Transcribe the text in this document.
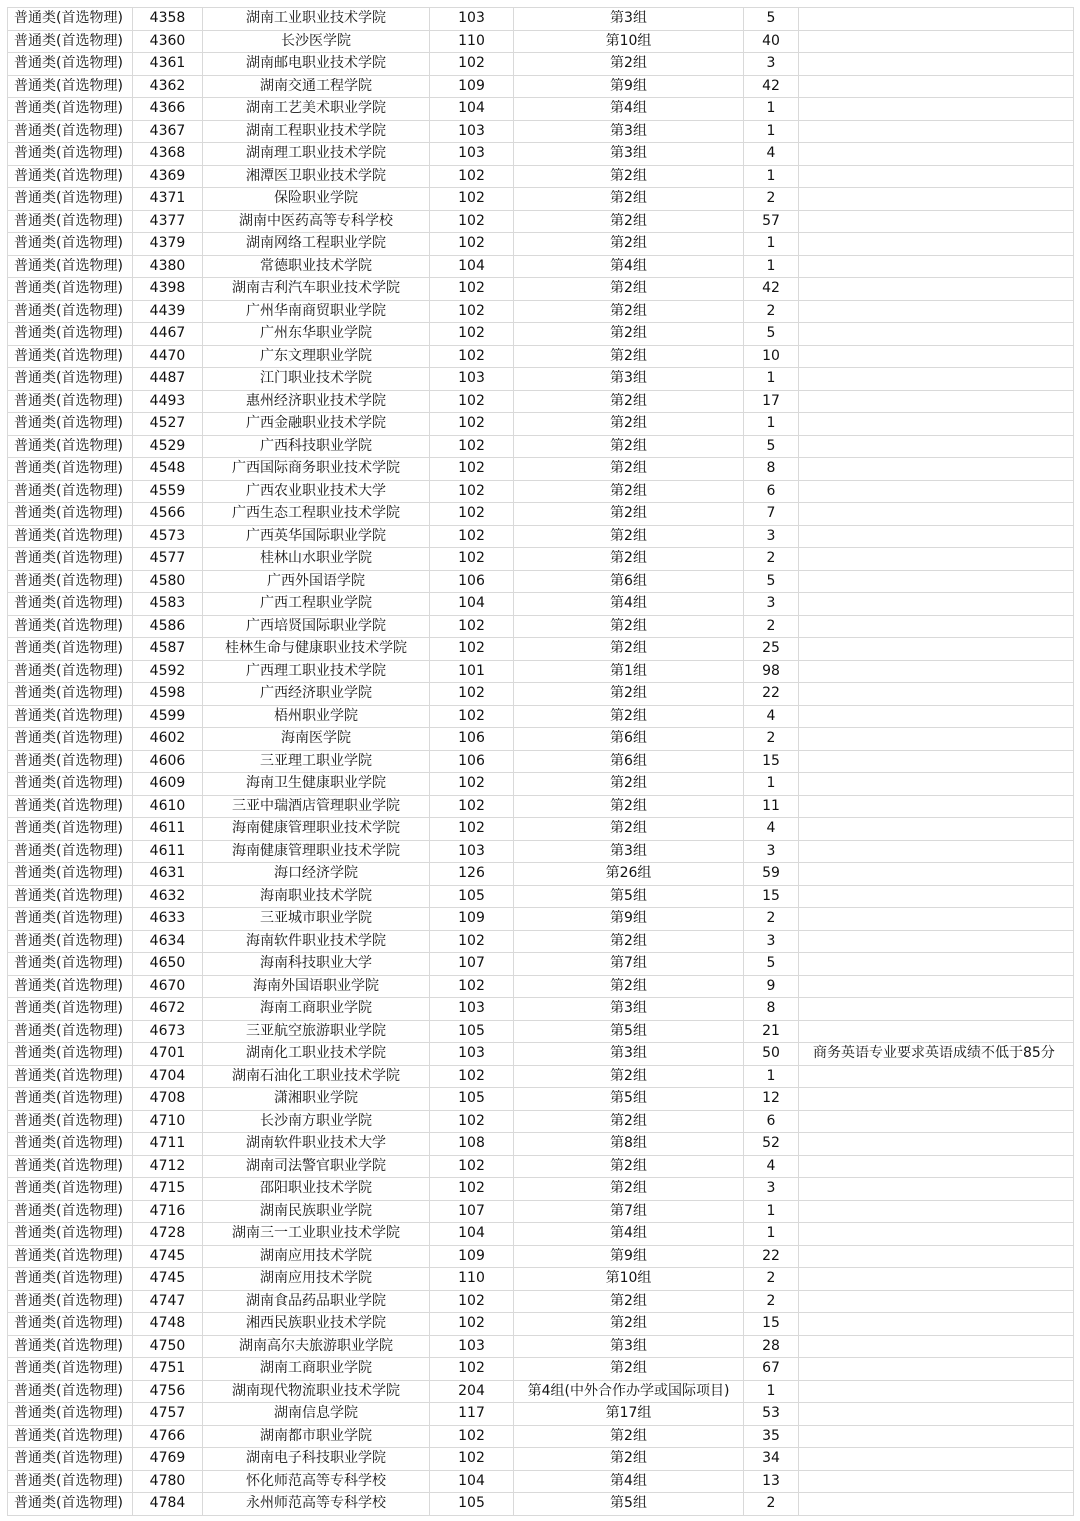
普通类(首选物理)	4358	湖南工业职业技术学院	103	第3组	5	
普通类(首选物理)	4360	长沙医学院	110	第10组	40	
普通类(首选物理)	4361	湖南邮电职业技术学院	102	第2组	3	
普通类(首选物理)	4362	湖南交通工程学院	109	第9组	42	
普通类(首选物理)	4366	湖南工艺美术职业学院	104	第4组	1	
普通类(首选物理)	4367	湖南工程职业技术学院	103	第3组	1	
普通类(首选物理)	4368	湖南理工职业技术学院	103	第3组	4	
普通类(首选物理)	4369	湘潭医卫职业技术学院	102	第2组	1	
普通类(首选物理)	4371	保险职业学院	102	第2组	2	
普通类(首选物理)	4377	湖南中医药高等专科学校	102	第2组	57	
普通类(首选物理)	4379	湖南网络工程职业学院	102	第2组	1	
普通类(首选物理)	4380	常德职业技术学院	104	第4组	1	
普通类(首选物理)	4398	湖南吉利汽车职业技术学院	102	第2组	42	
普通类(首选物理)	4439	广州华南商贸职业学院	102	第2组	2	
普通类(首选物理)	4467	广州东华职业学院	102	第2组	5	
普通类(首选物理)	4470	广东文理职业学院	102	第2组	10	
普通类(首选物理)	4487	江门职业技术学院	103	第3组	1	
普通类(首选物理)	4493	惠州经济职业技术学院	102	第2组	17	
普通类(首选物理)	4527	广西金融职业技术学院	102	第2组	1	
普通类(首选物理)	4529	广西科技职业学院	102	第2组	5	
普通类(首选物理)	4548	广西国际商务职业技术学院	102	第2组	8	
普通类(首选物理)	4559	广西农业职业技术大学	102	第2组	6	
普通类(首选物理)	4566	广西生态工程职业技术学院	102	第2组	7	
普通类(首选物理)	4573	广西英华国际职业学院	102	第2组	3	
普通类(首选物理)	4577	桂林山水职业学院	102	第2组	2	
普通类(首选物理)	4580	广西外国语学院	106	第6组	5	
普通类(首选物理)	4583	广西工程职业学院	104	第4组	3	
普通类(首选物理)	4586	广西培贤国际职业学院	102	第2组	2	
普通类(首选物理)	4587	桂林生命与健康职业技术学院	102	第2组	25	
普通类(首选物理)	4592	广西理工职业技术学院	101	第1组	98	
普通类(首选物理)	4598	广西经济职业学院	102	第2组	22	
普通类(首选物理)	4599	梧州职业学院	102	第2组	4	
普通类(首选物理)	4602	海南医学院	106	第6组	2	
普通类(首选物理)	4606	三亚理工职业学院	106	第6组	15	
普通类(首选物理)	4609	海南卫生健康职业学院	102	第2组	1	
普通类(首选物理)	4610	三亚中瑞酒店管理职业学院	102	第2组	11	
普通类(首选物理)	4611	海南健康管理职业技术学院	102	第2组	4	
普通类(首选物理)	4611	海南健康管理职业技术学院	103	第3组	3	
普通类(首选物理)	4631	海口经济学院	126	第26组	59	
普通类(首选物理)	4632	海南职业技术学院	105	第5组	15	
普通类(首选物理)	4633	三亚城市职业学院	109	第9组	2	
普通类(首选物理)	4634	海南软件职业技术学院	102	第2组	3	
普通类(首选物理)	4650	海南科技职业大学	107	第7组	5	
普通类(首选物理)	4670	海南外国语职业学院	102	第2组	9	
普通类(首选物理)	4672	海南工商职业学院	103	第3组	8	
普通类(首选物理)	4673	三亚航空旅游职业学院	105	第5组	21	
普通类(首选物理)	4701	湖南化工职业技术学院	103	第3组	50	商务英语专业要求英语成绩不低于85分
普通类(首选物理)	4704	湖南石油化工职业技术学院	102	第2组	1	
普通类(首选物理)	4708	潇湘职业学院	105	第5组	12	
普通类(首选物理)	4710	长沙南方职业学院	102	第2组	6	
普通类(首选物理)	4711	湖南软件职业技术大学	108	第8组	52	
普通类(首选物理)	4712	湖南司法警官职业学院	102	第2组	4	
普通类(首选物理)	4715	邵阳职业技术学院	102	第2组	3	
普通类(首选物理)	4716	湖南民族职业学院	107	第7组	1	
普通类(首选物理)	4728	湖南三一工业职业技术学院	104	第4组	1	
普通类(首选物理)	4745	湖南应用技术学院	109	第9组	22	
普通类(首选物理)	4745	湖南应用技术学院	110	第10组	2	
普通类(首选物理)	4747	湖南食品药品职业学院	102	第2组	2	
普通类(首选物理)	4748	湘西民族职业技术学院	102	第2组	15	
普通类(首选物理)	4750	湖南高尔夫旅游职业学院	103	第3组	28	
普通类(首选物理)	4751	湖南工商职业学院	102	第2组	67	
普通类(首选物理)	4756	湖南现代物流职业技术学院	204	第4组(中外合作办学或国际项目)	1	
普通类(首选物理)	4757	湖南信息学院	117	第17组	53	
普通类(首选物理)	4766	湖南都市职业学院	102	第2组	35	
普通类(首选物理)	4769	湖南电子科技职业学院	102	第2组	34	
普通类(首选物理)	4780	怀化师范高等专科学校	104	第4组	13	
普通类(首选物理)	4784	永州师范高等专科学校	105	第5组	2	
